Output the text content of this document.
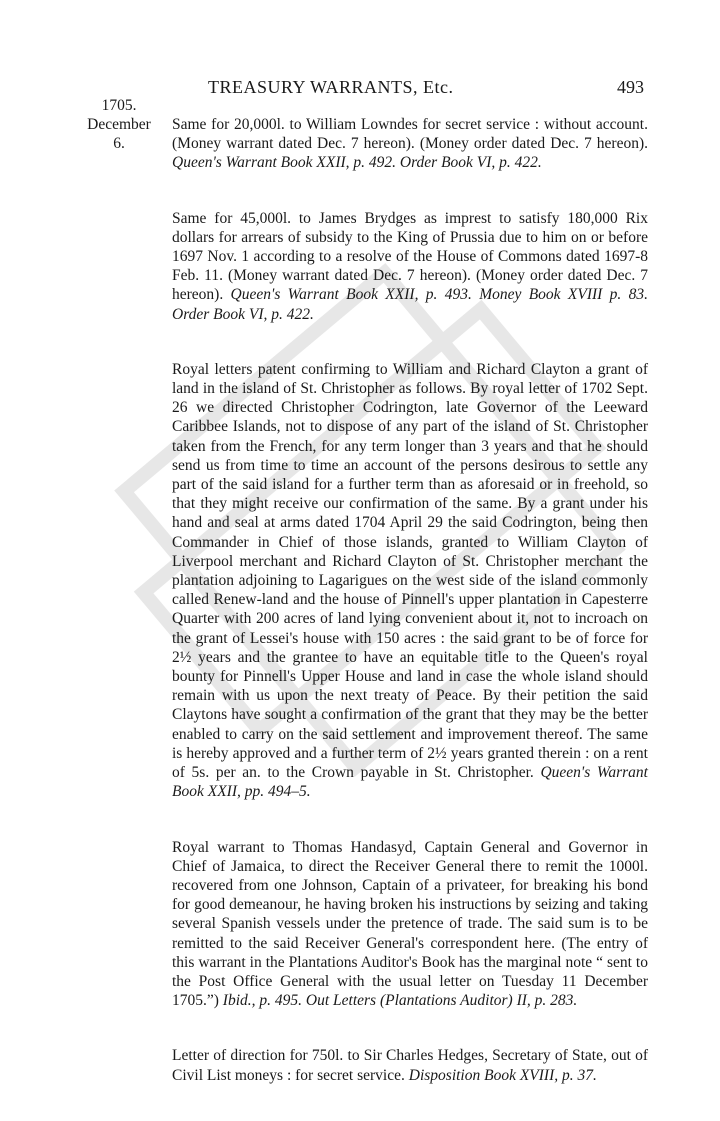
TREASURY WARRANTS, Etc.	493
1705.
December
6.
Same for 20,000l. to William Lowndes for secret service : without account. (Money warrant dated Dec. 7 hereon). (Money order dated Dec. 7 hereon). Queen's Warrant Book XXII, p. 492. Order Book VI, p. 422.
Same for 45,000l. to James Brydges as imprest to satisfy 180,000 Rix dollars for arrears of subsidy to the King of Prussia due to him on or before 1697 Nov. 1 according to a resolve of the House of Commons dated 1697-8 Feb. 11. (Money warrant dated Dec. 7 hereon). (Money order dated Dec. 7 hereon). Queen's Warrant Book XXII, p. 493. Money Book XVIII p. 83. Order Book VI, p. 422.
Royal letters patent confirming to William and Richard Clayton a grant of land in the island of St. Christopher as follows. By royal letter of 1702 Sept. 26 we directed Christopher Codrington, late Governor of the Leeward Caribbee Islands, not to dispose of any part of the island of St. Christopher taken from the French, for any term longer than 3 years and that he should send us from time to time an account of the persons desirous to settle any part of the said island for a further term than as aforesaid or in freehold, so that they might receive our confirmation of the same. By a grant under his hand and seal at arms dated 1704 April 29 the said Codrington, being then Commander in Chief of those islands, granted to William Clayton of Liverpool merchant and Richard Clayton of St. Christopher merchant the plantation adjoining to Lagarigues on the west side of the island commonly called Renew-land and the house of Pinnell's upper plantation in Capesterre Quarter with 200 acres of land lying convenient about it, not to incroach on the grant of Lessei's house with 150 acres : the said grant to be of force for 2½ years and the grantee to have an equitable title to the Queen's royal bounty for Pinnell's Upper House and land in case the whole island should remain with us upon the next treaty of Peace. By their petition the said Claytons have sought a confirmation of the grant that they may be the better enabled to carry on the said settlement and improvement thereof. The same is hereby approved and a further term of 2½ years granted therein : on a rent of 5s. per an. to the Crown payable in St. Christopher. Queen's Warrant Book XXII, pp. 494–5.
Royal warrant to Thomas Handasyd, Captain General and Governor in Chief of Jamaica, to direct the Receiver General there to remit the 1000l. recovered from one Johnson, Captain of a privateer, for breaking his bond for good demeanour, he having broken his instructions by seizing and taking several Spanish vessels under the pretence of trade. The said sum is to be remitted to the said Receiver General's correspondent here. (The entry of this warrant in the Plantations Auditor's Book has the marginal note “ sent to the Post Office General with the usual letter on Tuesday 11 December 1705.”) Ibid., p. 495. Out Letters (Plantations Auditor) II, p. 283.
Letter of direction for 750l. to Sir Charles Hedges, Secretary of State, out of Civil List moneys : for secret service. Disposition Book XVIII, p. 37.
